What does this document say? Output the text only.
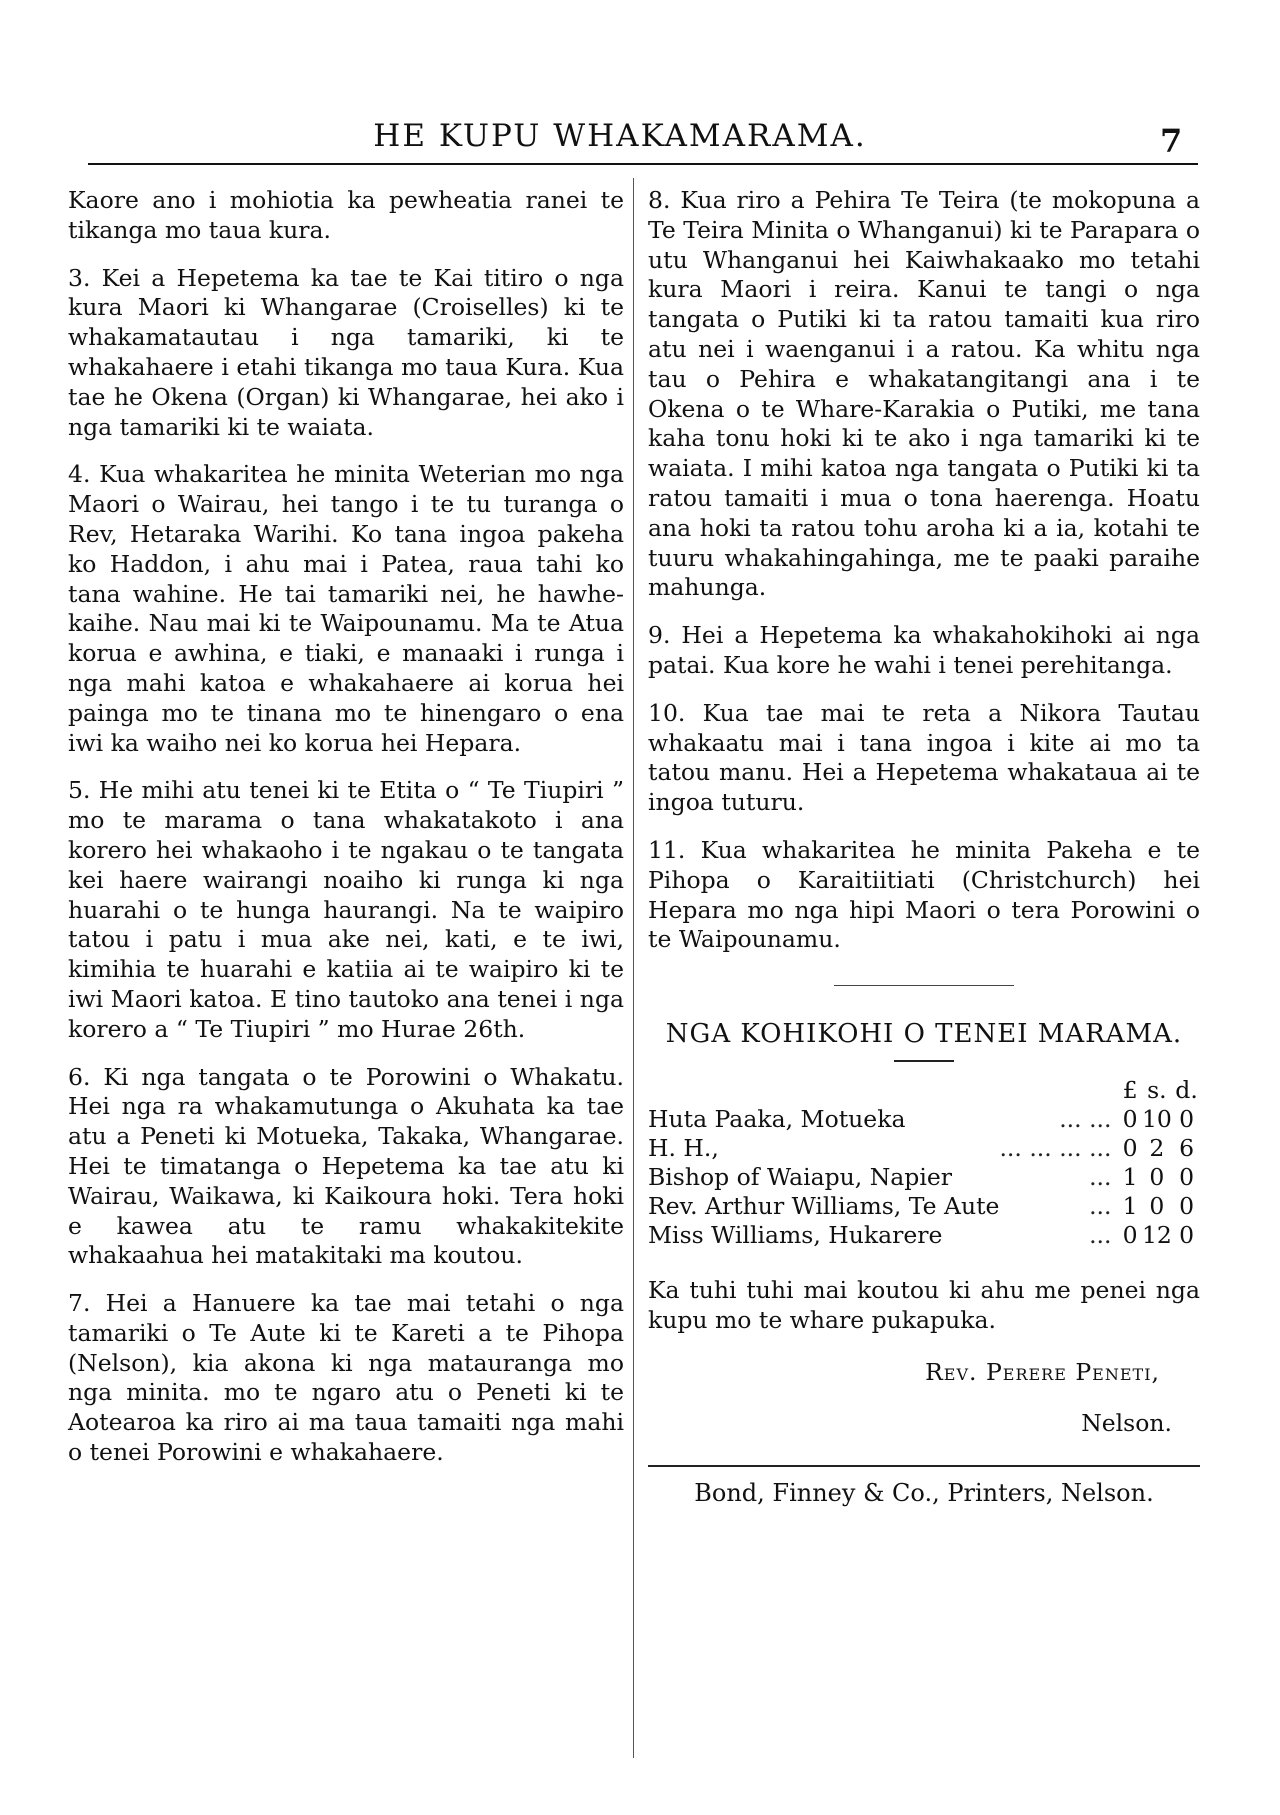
HE KUPU WHAKAMARAMA.	7

Kaore ano i mohiotia ka pewheatia ranei te tikanga mo taua kura.

3. Kei a Hepetema ka tae te Kai titiro o nga kura Maori ki Whangarae (Croiselles) ki te whakamatautau i nga tamariki, ki te whakahaere i etahi tikanga mo taua Kura. Kua tae he Okena (Organ) ki Whangarae, hei ako i nga tamariki ki te waiata.

4. Kua whakaritea he minita Weterian mo nga Maori o Wairau, hei tango i te tu turanga o Rev, Hetaraka Warihi. Ko tana ingoa pakeha ko Haddon, i ahu mai i Patea, raua tahi ko tana wahine. He tai tamariki nei, he hawhe-kaihe. Nau mai ki te Waipounamu. Ma te Atua korua e awhina, e tiaki, e manaaki i runga i nga mahi katoa e whakahaere ai korua hei painga mo te tinana mo te hinengaro o ena iwi ka waiho nei ko korua hei Hepara.

5. He mihi atu tenei ki te Etita o “ Te Tiupiri ” mo te marama o tana whakatakoto i ana korero hei whakaoho i te ngakau o te tangata kei haere wairangi noaiho ki runga ki nga huarahi o te hunga haurangi. Na te waipiro tatou i patu i mua ake nei, kati, e te iwi, kimihia te huarahi e katiia ai te waipiro ki te iwi Maori katoa. E tino tautoko ana tenei i nga korero a “ Te Tiupiri ” mo Hurae 26th.

6. Ki nga tangata o te Porowini o Whakatu. Hei nga ra whakamutunga o Akuhata ka tae atu a Peneti ki Motueka, Takaka, Whangarae. Hei te timatanga o Hepetema ka tae atu ki Wairau, Waikawa, ki Kaikoura hoki. Tera hoki e kawea atu te ramu whakakitekite whakaahua hei matakitaki ma koutou.

7. Hei a Hanuere ka tae mai tetahi o nga tamariki o Te Aute ki te Kareti a te Pihopa (Nelson), kia akona ki nga matauranga mo nga minita. mo te ngaro atu o Peneti ki te Aotearoa ka riro ai ma taua tamaiti nga mahi o tenei Porowini e whakahaere.

8. Kua riro a Pehira Te Teira (te mokopuna a Te Teira Minita o Whanganui) ki te Parapara o utu Whanganui hei Kaiwhakaako mo tetahi kura Maori i reira. Kanui te tangi o nga tangata o Putiki ki ta ratou tamaiti kua riro atu nei i waenganui i a ratou. Ka whitu nga tau o Pehira e whakatangitangi ana i te Okena o te Whare-Karakia o Putiki, me tana kaha tonu hoki ki te ako i nga tamariki ki te waiata. I mihi katoa nga tangata o Putiki ki ta ratou tamaiti i mua o tona haerenga. Hoatu ana hoki ta ratou tohu aroha ki a ia, kotahi te tuuru whakahingahinga, me te paaki paraihe mahunga.

9. Hei a Hepetema ka whakahokihoki ai nga patai. Kua kore he wahi i tenei perehitanga.

10. Kua tae mai te reta a Nikora Tautau whakaatu mai i tana ingoa i kite ai mo ta tatou manu. Hei a Hepetema whakataua ai te ingoa tuturu.

11. Kua whakaritea he minita Pakeha e te Pihopa o Karaitiitiati (Christchurch) hei Hepara mo nga hipi Maori o tera Porowini o te Waipounamu.

NGA KOHIKOHI O TENEI MARAMA.
		£	s.	d.
Huta Paaka, Motueka	... ...	0	10	0
H. H.,	... ... ... ...	0	2	6
Bishop of Waiapu, Napier	...	1	0	0
Rev. Arthur Williams, Te Aute	...	1	0	0
Miss Williams, Hukarere	...	0	12	0

Ka tuhi tuhi mai koutou ki ahu me penei nga kupu mo te whare pukapuka.

Rev. Perere Peneti,
Nelson.
Bond, Finney & Co., Printers, Nelson.
